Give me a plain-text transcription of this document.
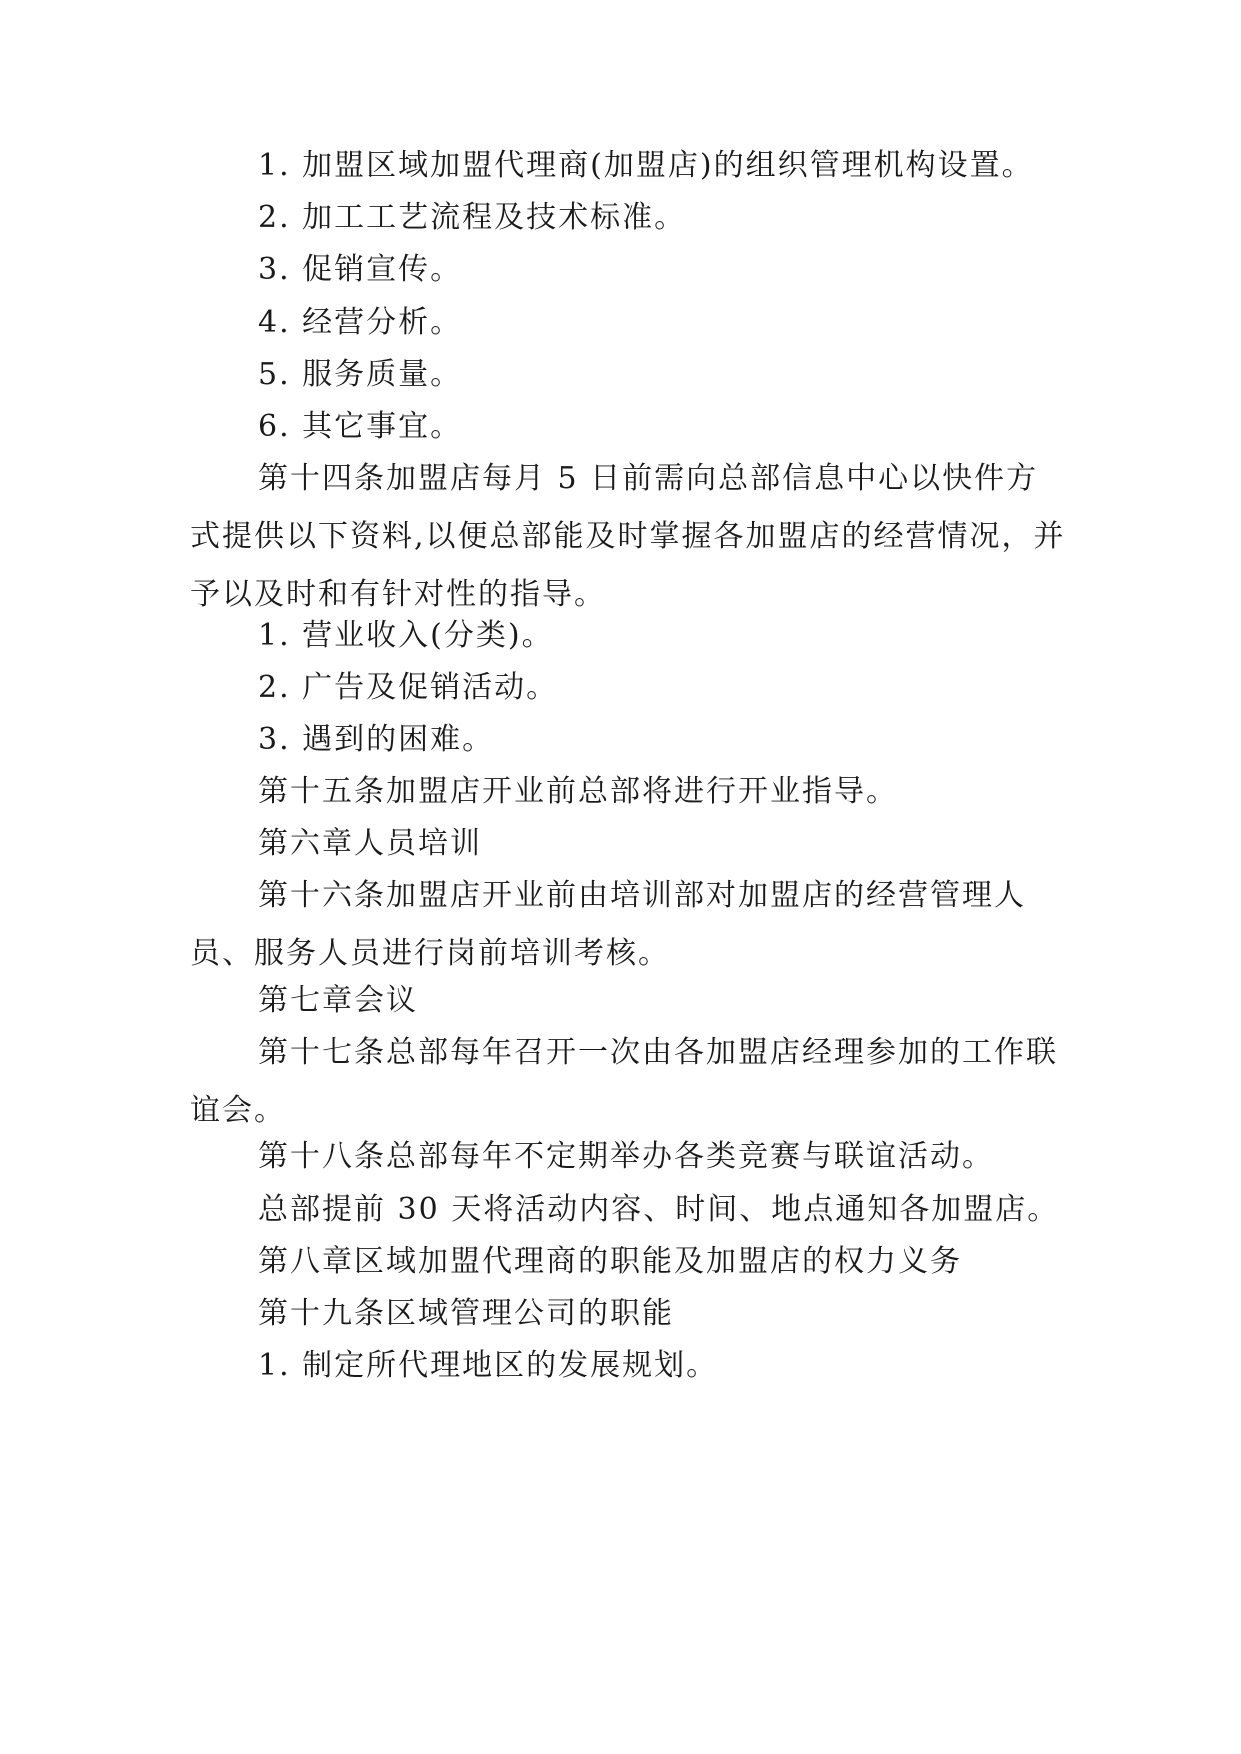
1. 加盟区域加盟代理商(加盟店)的组织管理机构设置。

2. 加工工艺流程及技术标准。

3. 促销宣传。

4. 经营分析。

5. 服务质量。

6. 其它事宜。

第十四条加盟店每月 5 日前需向总部信息中心以快件方式提供以下资料,以便总部能及时掌握各加盟店的经营情况，并予以及时和有针对性的指导。

1. 营业收入(分类)。

2. 广告及促销活动。

3. 遇到的困难。

第十五条加盟店开业前总部将进行开业指导。

第六章人员培训

第十六条加盟店开业前由培训部对加盟店的经营管理人员、服务人员进行岗前培训考核。

第七章会议

第十七条总部每年召开一次由各加盟店经理参加的工作联谊会。

第十八条总部每年不定期举办各类竞赛与联谊活动。

总部提前 30 天将活动内容、时间、地点通知各加盟店。

第八章区域加盟代理商的职能及加盟店的权力义务

第十九条区域管理公司的职能

1. 制定所代理地区的发展规划。
